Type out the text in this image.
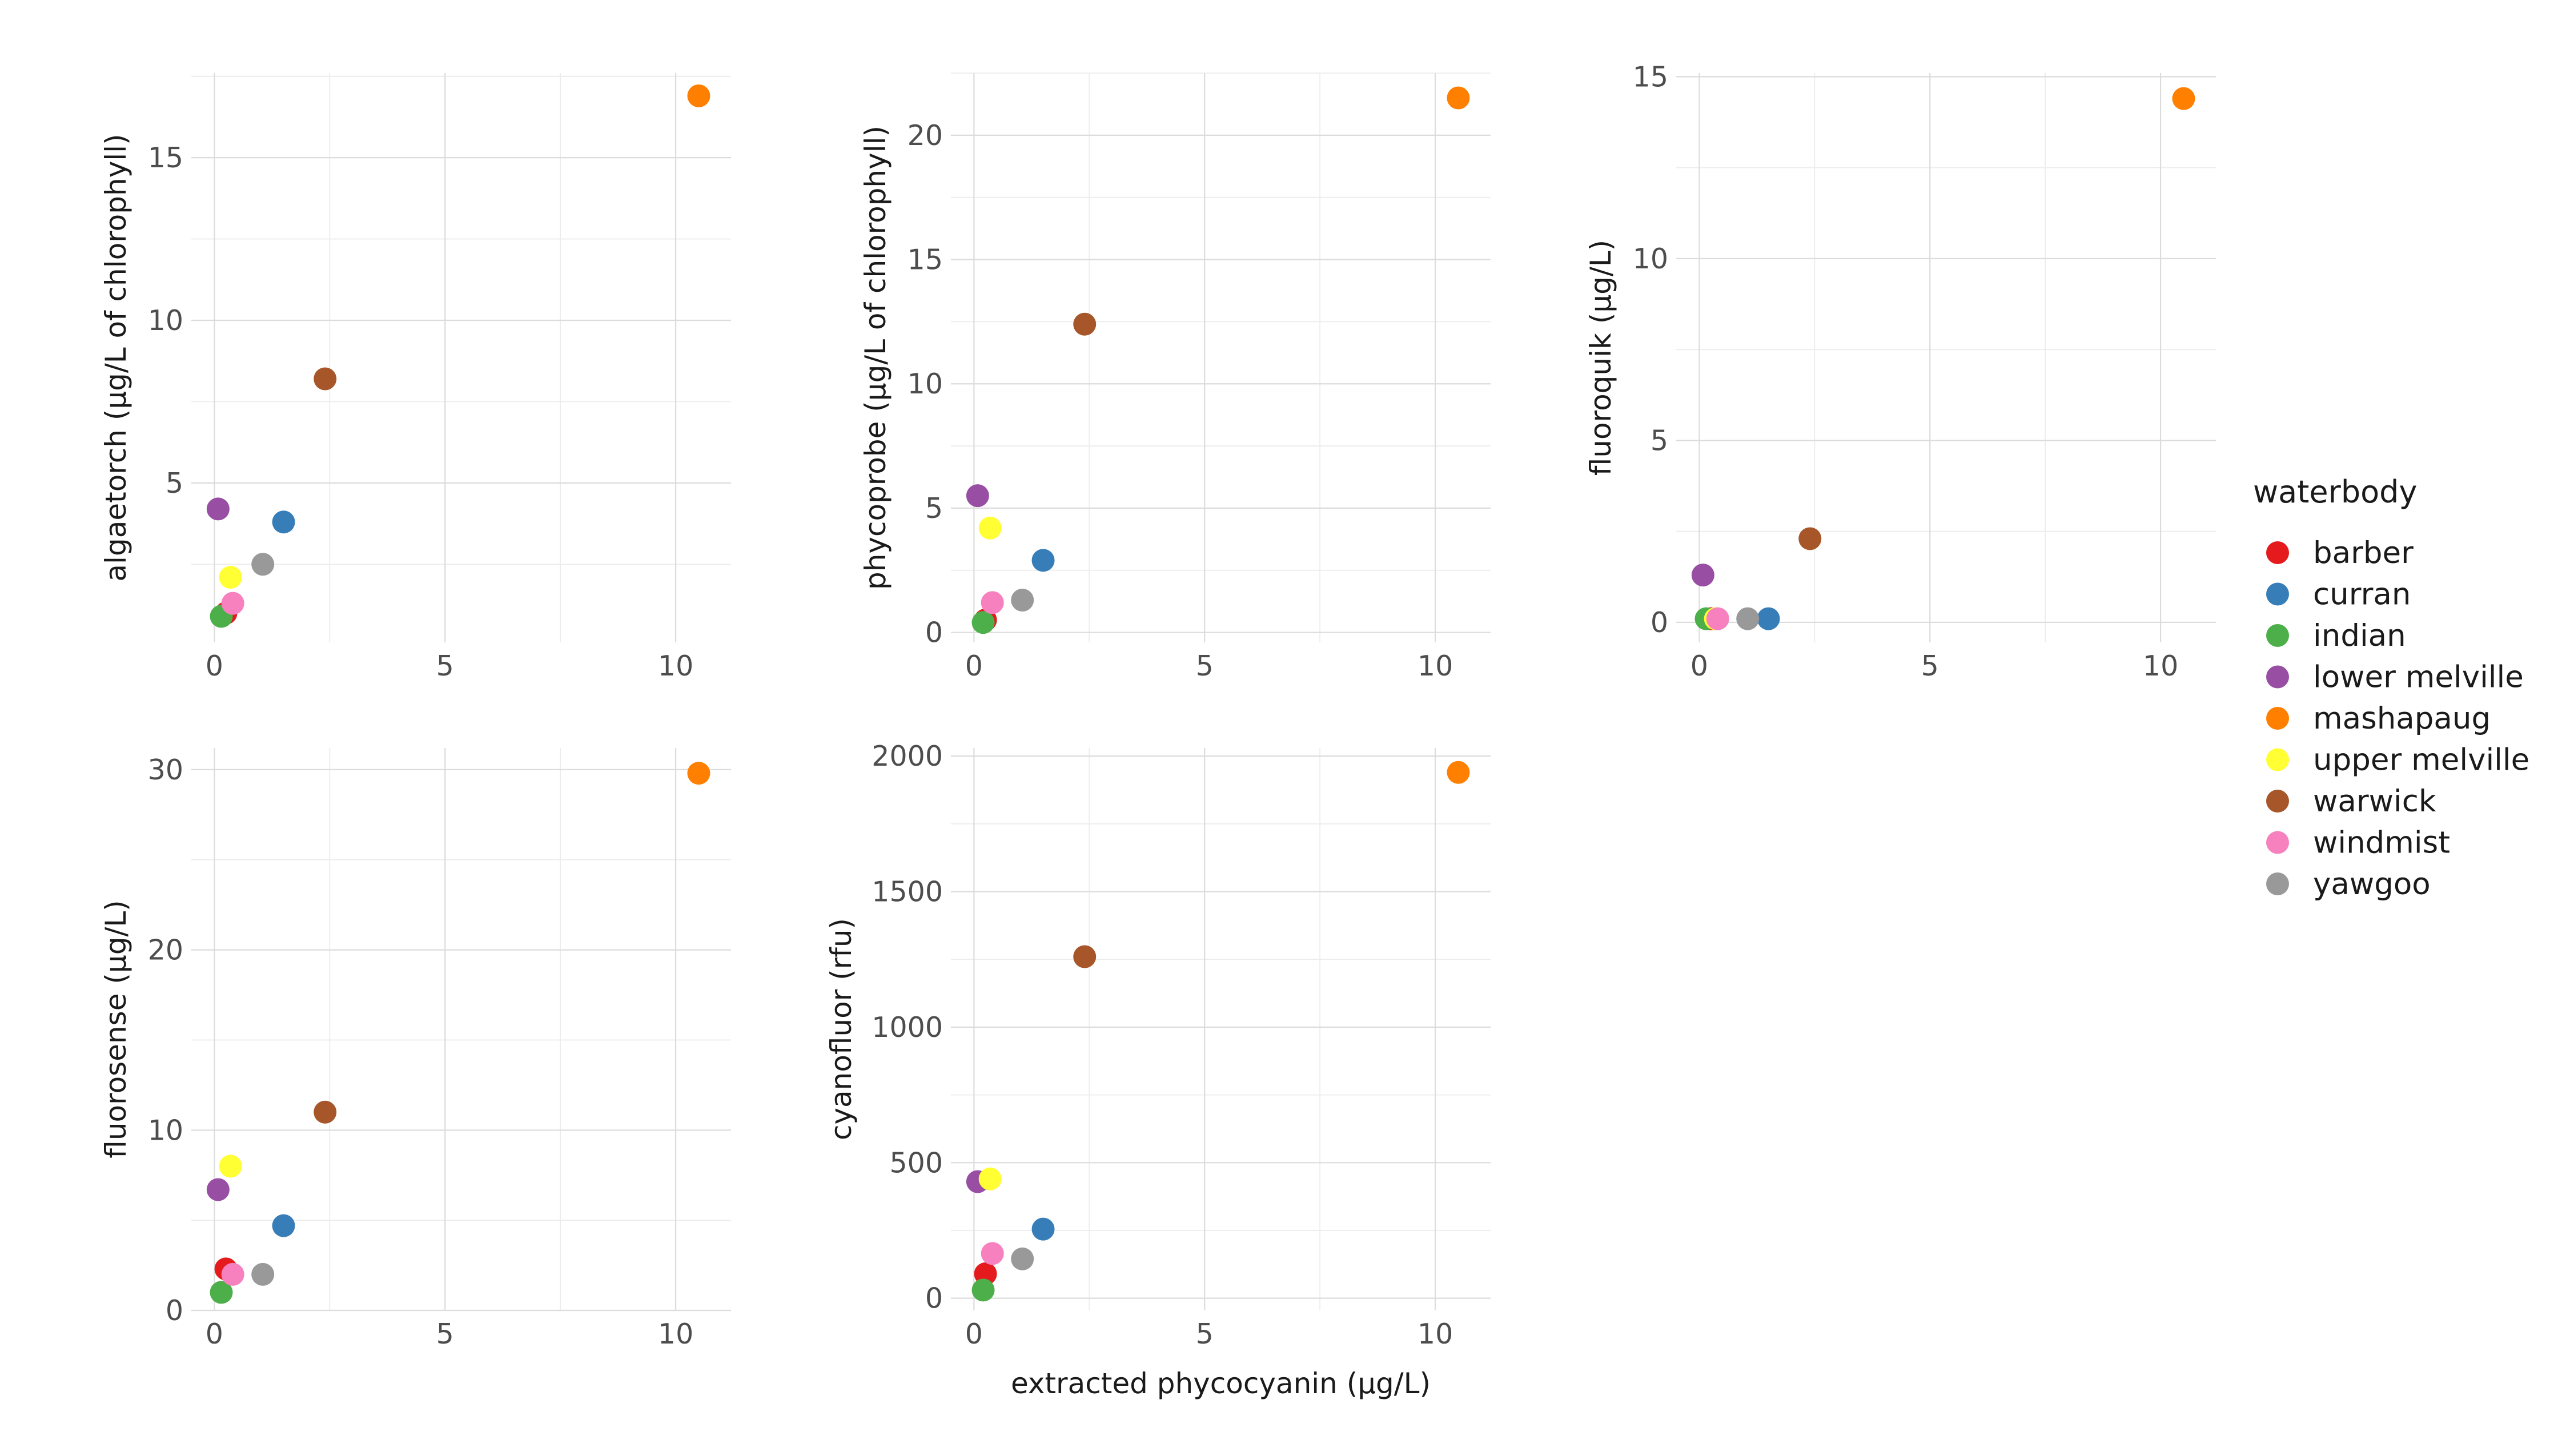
0	5	10
5
10
15
algaetorch (µg/L of chlorophyll)
0	5	10
0
5
10
15
20
phycoprobe (µg/L of chlorophyll)
0	5	10
0
5
10
15
fluoroquik (µg/L)
0	5	10
0
10
20
30
fluorosense (µg/L)
0	5	10
0
500
1000
1500
2000
cyanofluor (rfu)
extracted phycocyanin (µg/L)
waterbody
barber
curran
indian
lower melville
mashapaug
upper melville
warwick
windmist
yawgoo
